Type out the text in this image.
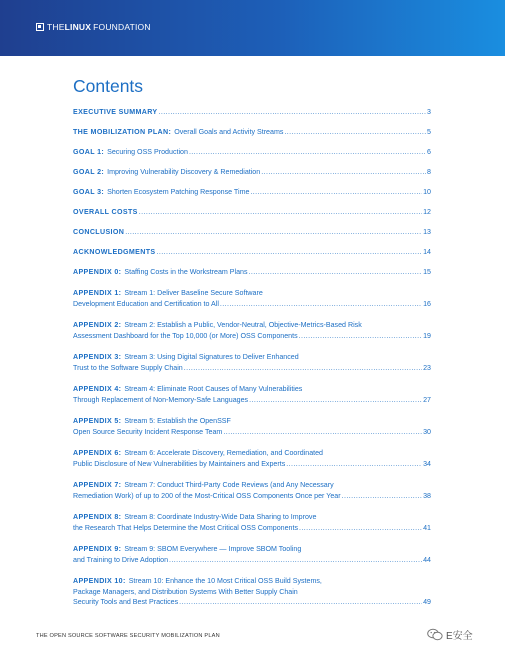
THE LINUX FOUNDATION
Contents
EXECUTIVE SUMMARY .....	3
THE MOBILIZATION PLAN: Overall Goals and Activity Streams .....	5
GOAL 1: Securing OSS Production .....	6
GOAL 2: Improving Vulnerability Discovery & Remediation .....	8
GOAL 3: Shorten Ecosystem Patching Response Time .....	10
OVERALL COSTS .....	12
CONCLUSION .....	13
ACKNOWLEDGMENTS .....	14
APPENDIX 0: Staffing Costs in the Workstream Plans .....	15
APPENDIX 1: Stream 1: Deliver Baseline Secure Software
Development Education and Certification to All .....	16
APPENDIX 2: Stream 2: Establish a Public, Vendor-Neutral, Objective-Metrics-Based Risk
Assessment Dashboard for the Top 10,000 (or More) OSS Components .....	19
APPENDIX 3: Stream 3: Using Digital Signatures to Deliver Enhanced
Trust to the Software Supply Chain .....	23
APPENDIX 4: Stream 4: Eliminate Root Causes of Many Vulnerabilities
Through Replacement of Non-Memory-Safe Languages .....	27
APPENDIX 5: Stream 5: Establish the OpenSSF
Open Source Security Incident Response Team .....	30
APPENDIX 6: Stream 6: Accelerate Discovery, Remediation, and Coordinated
Public Disclosure of New Vulnerabilities by Maintainers and Experts .....	34
APPENDIX 7: Stream 7: Conduct Third-Party Code Reviews (and Any Necessary
Remediation Work) of up to 200 of the Most-Critical OSS Components Once per Year .....	38
APPENDIX 8: Stream 8: Coordinate Industry-Wide Data Sharing to Improve
the Research That Helps Determine the Most Critical OSS Components .....	41
APPENDIX 9: Stream 9: SBOM Everywhere — Improve SBOM Tooling
and Training to Drive Adoption .....	44
APPENDIX 10: Stream 10: Enhance the 10 Most Critical OSS Build Systems,
Package Managers, and Distribution Systems With Better Supply Chain
Security Tools and Best Practices .....	49
THE OPEN SOURCE SOFTWARE SECURITY MOBILIZATION PLAN	E安全
